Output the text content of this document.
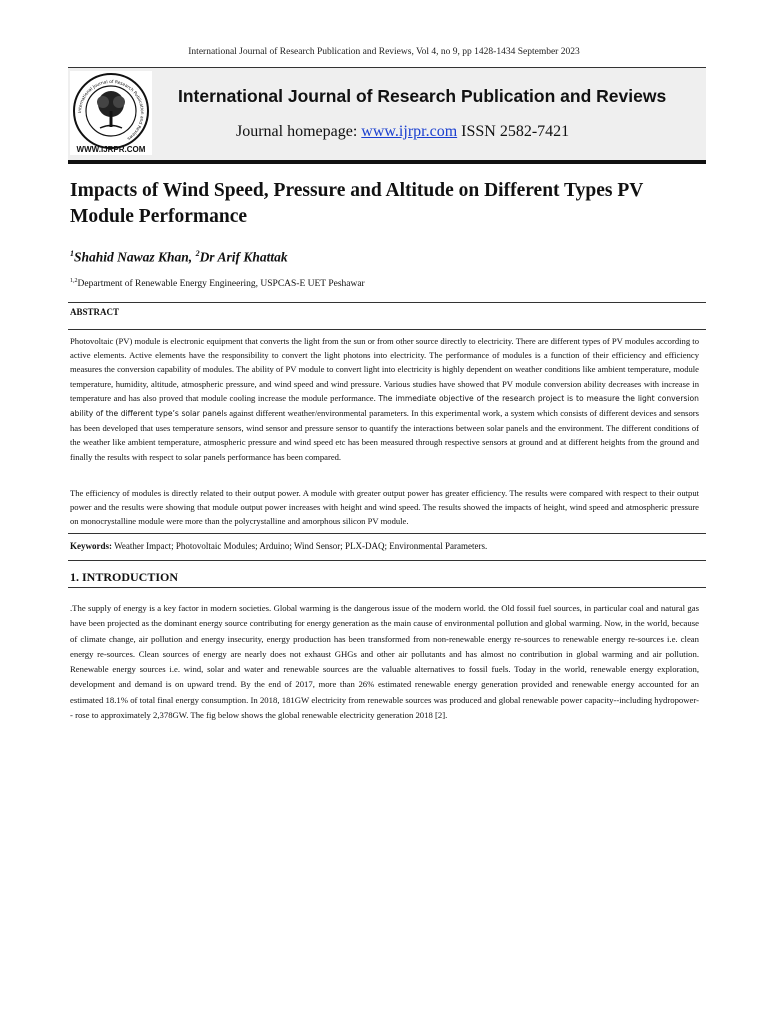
International Journal of Research Publication and Reviews, Vol 4, no 9, pp 1428-1434 September 2023
International Journal of Research Publication and Reviews
WWW.IJRPR.COM
International Journal of Research Publication and Reviews
Journal homepage: www.ijrpr.com ISSN 2582-7421
Impacts of Wind Speed, Pressure and Altitude on Different Types PV Module Performance
$^1$Shahid Nawaz Khan, $^2$Dr Arif Khattak
$^{1,2}$Department of Renewable Energy Engineering, USPCAS-E UET Peshawar
ABSTRACT
Photovoltaic (PV) module is electronic equipment that converts the light from the sun or from other source directly to electricity. There are different types of PV modules according to active elements. Active elements have the responsibility to convert the light photons into electricity. The performance of modules is a function of their efficiency and efficiency measures the conversion capability of modules. The ability of PV module to convert light into electricity is highly dependent on weather conditions like ambient temperature, module temperature, humidity, altitude, atmospheric pressure, and wind speed and wind pressure. Various studies have showed that PV module conversion ability decreases with increase in temperature and has also proved that module cooling increase the module performance. The immediate objective of the research project is to measure the light conversion ability of the different type’s solar panels against different weather/environmental parameters. In this experimental work, a system which consists of different devices and sensors has been developed that uses temperature sensors, wind sensor and pressure sensor to quantify the interactions between solar panels and the environment. The different conditions of the weather like ambient temperature, atmospheric pressure and wind speed etc has been measured through respective sensors at ground and at different heights from the ground and finally the results with respect to solar panels performance has been compared.
The efficiency of modules is directly related to their output power. A module with greater output power has greater efficiency. The results were compared with respect to their output power and the results were showing that module output power increases with height and wind speed. The results showed the impacts of height, wind speed and atmospheric pressure on monocrystalline module were more than the polycrystalline and amorphous silicon PV module.
Keywords: Weather Impact; Photovoltaic Modules; Arduino; Wind Sensor; PLX-DAQ; Environmental Parameters.
1. INTRODUCTION
.The supply of energy is a key factor in modern societies. Global warming is the dangerous issue of the modern world. the Old fossil fuel sources, in particular coal and natural gas have been projected as the dominant energy source contributing for energy generation as the main cause of environmental pollution and global warming. Now, in the world, because of climate change, air pollution and energy insecurity, energy production has been transformed from non-renewable energy re-sources to renewable energy re-sources i.e. clean energy re-sources. Clean sources of energy are nearly does not exhaust GHGs and other air pollutants and has almost no contribution in global warming and air pollution. Renewable energy sources i.e. wind, solar and water and renewable sources are the valuable alternatives to fossil fuels. Today in the world, renewable energy exploration, development and demand is on upward trend. By the end of 2017, more than 26% estimated renewable energy generation provided and renewable energy accounted for an estimated 18.1% of total final energy consumption. In 2018, 181GW electricity from renewable sources was produced and global renewable power capacity--including hydropower-- rose to approximately 2,378GW. The fig below shows the global renewable electricity generation 2018 [2].
